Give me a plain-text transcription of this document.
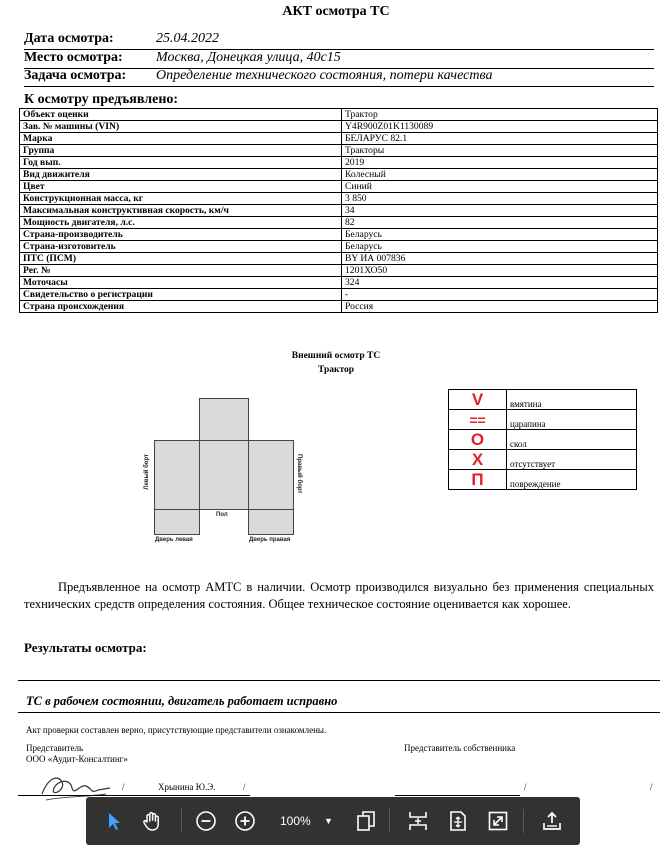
АКТ осмотра ТС
Дата осмотра:	25.04.2022
Место осмотра: Москва, Донецкая улица, 40с15
Задача осмотра: Определение технического состояния, потери качества
К осмотру предъявлено:
Объект оценки	Трактор
Зав. № машины (VIN)	Y4R900Z01K1130089
Марка	БЕЛАРУС 82.1
Группа	Тракторы
Год вып.	2019
Вид движителя	Колесный
Цвет	Синий
Конструкционная масса, кг	3 850
Максимальная конструктивная скорость, км/ч	34
Мощность двигателя, л.с.	82
Страна-производитель	Беларусь
Страна-изготовитель	Беларусь
ПТС (ПСМ)	BY ИА 007836
Рег. №	1201ХО50
Моточасы	324
Свидетельство о регистрации	-
Страна происхождения	Россия
Внешний осмотр ТС
Трактор
Левый борт	Правый борт
Пол
Дверь левая	Дверь правая
V	вмятина
==	царапина
O	скол
X	отсутствует
П	повреждение
Предъявленное на осмотр АМТС в наличии. Осмотр производился визуально без применения специальных технических средств определения состояния. Общее техническое состояние оценивается как хорошее.
Результаты осмотра:
ТС в рабочем состоянии, двигатель работает исправно
Акт проверки составлен верно, присутствующие представители ознакомлены.
Представитель
ООО «Аудит-Консалтинг»
Представитель собственника
/	Хрынина Ю.Э.	/	/	/
100% ▼
